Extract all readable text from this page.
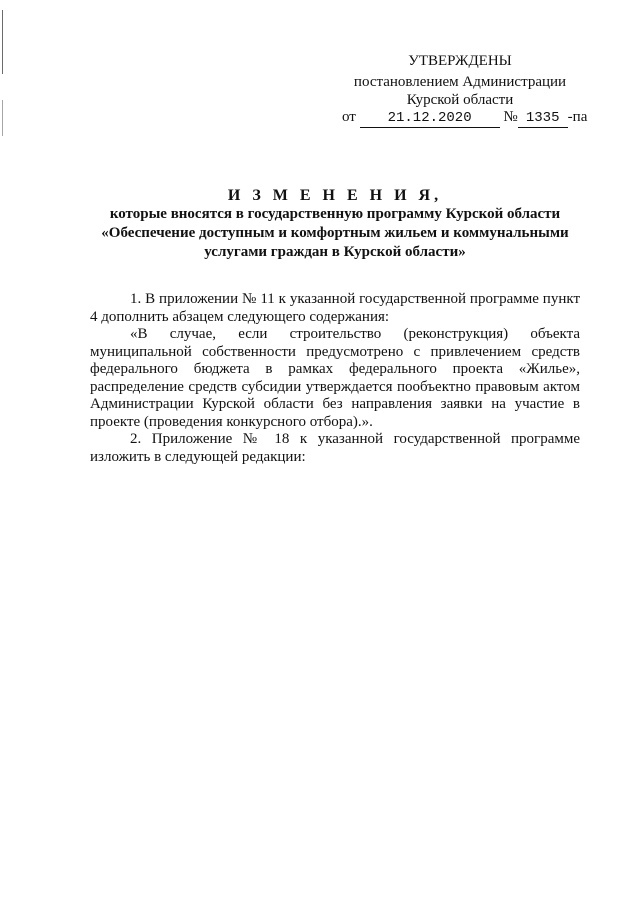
УТВЕРЖДЕНЫ
постановлением Администрации
Курской области
от 21.12.2020 № 1335 -па
И З М Е Н Е Н И Я,
которые вносятся в государственную программу Курской области
«Обеспечение доступным и комфортным жильем и коммунальными
услугами граждан в Курской области»

1. В приложении № 11 к указанной государственной программе пункт 4 дополнить абзацем следующего содержания:

«В случае, если строительство (реконструкция) объекта муниципальной собственности предусмотрено с привлечением средств федерального бюджета в рамках федерального проекта «Жилье», распределение средств субсидии утверждается пообъектно правовым актом Администрации Курской области без направления заявки на участие в проекте (проведения конкурсного отбора).».

2. Приложение № 18 к указанной государственной программе изложить в следующей редакции:
